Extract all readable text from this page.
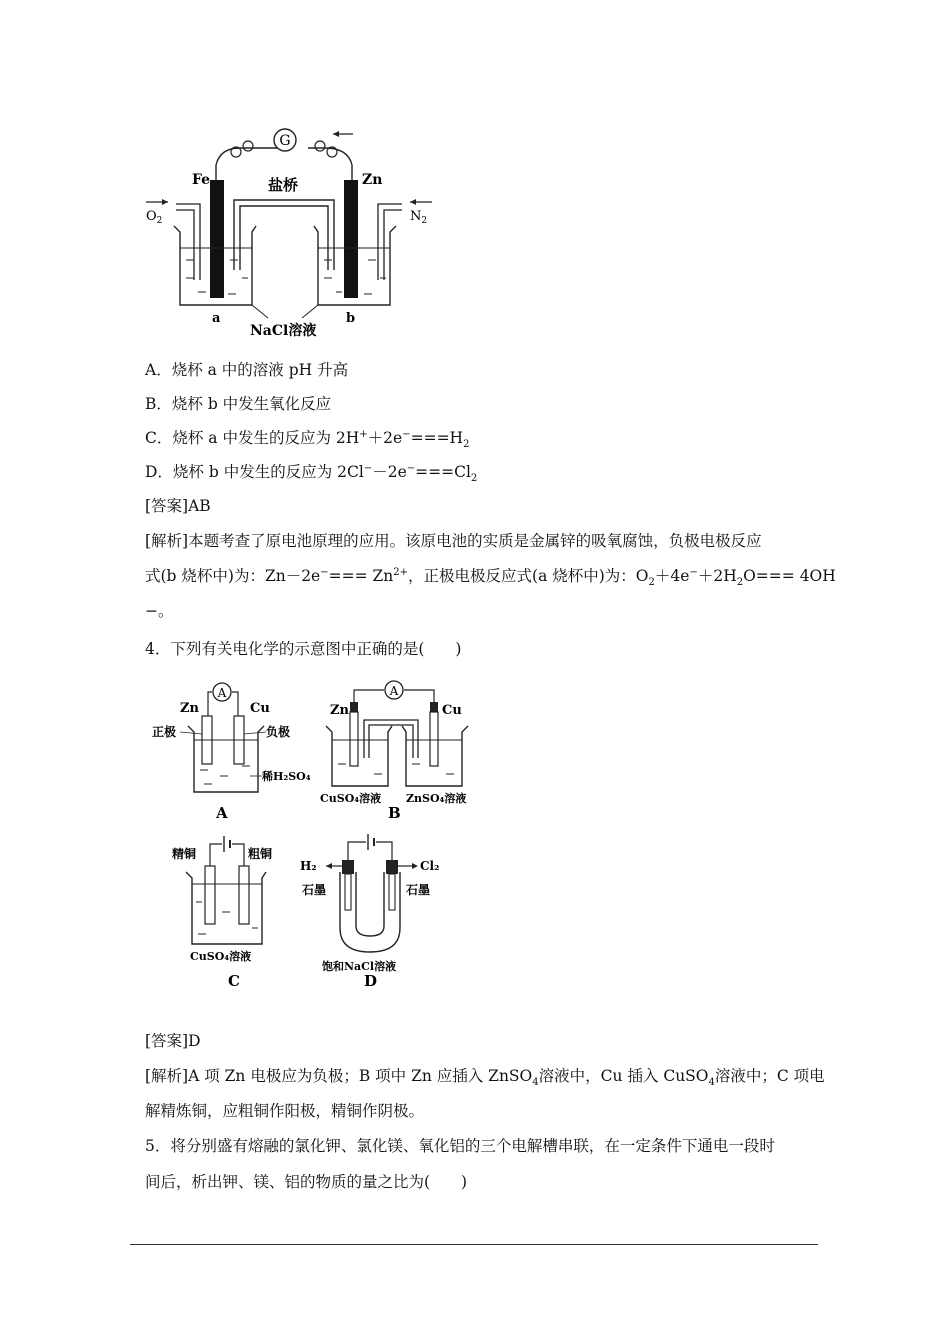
G
Fe	Zn
盐桥
$O_2$	$N_2$
a	b
NaCl溶液
A．烧杯 a 中的溶液 pH 升高
B．烧杯 b 中发生氧化反应
C．烧杯 a 中发生的反应为 $2H^++2e^-===H_2$
D．烧杯 b 中发生的反应为 $2Cl^--2e^-===Cl_2$
[答案]AB
[解析]本题考查了原电池原理的应用。该原电池的实质是金属锌的吸氧腐蚀，负极电极反应
式(b 烧杯中)为：$Zn-2e^-=== Zn^{2+}$，正极电极反应式(a 烧杯中)为：$O_2+4e^-+2H_2O=== 4OH$
−。
4．下列有关电化学的示意图中正确的是(　　)
A
Zn	Cu
正极	负极
稀H₂SO₄
A
A
Zn	Cu
CuSO₄溶液 ZnSO₄溶液
B
精铜	粗铜
CuSO₄溶液
C
H₂	Cl₂
石墨	石墨
饱和NaCl溶液
D
[答案]D
[解析]A 项 Zn 电极应为负极；B 项中 Zn 应插入 ZnSO$_4$溶液中，Cu 插入 CuSO$_4$溶液中；C 项电
解精炼铜，应粗铜作阳极，精铜作阴极。
5．将分别盛有熔融的氯化钾、氯化镁、氧化铝的三个电解槽串联，在一定条件下通电一段时
间后，析出钾、镁、铝的物质的量之比为(　　)
